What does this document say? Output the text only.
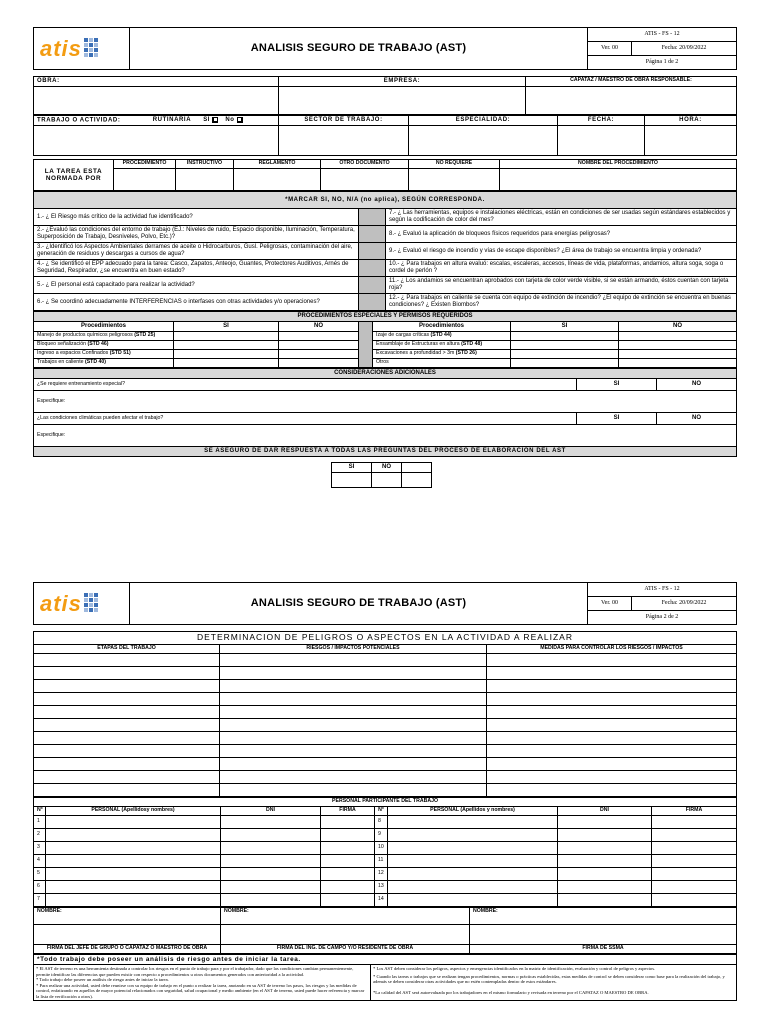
atis	ANALISIS SEGURO DE TRABAJO (AST)	ATIS - FS - 12	
		Ver. 00	Fecha: 20/09/2022
		Página 1 de 2	
OBRA:	EMPRESA:	CAPATAZ / MAESTRO DE OBRA RESPONSABLE:

TRABAJO O ACTIVIDAD: RUTINARIA SI No	SECTOR DE TRABAJO:	ESPECIALIDAD:	FECHA:	HORA:

LA TAREA ESTA NORMADA POR	PROCEDIMIENTO	INSTRUCTIVO	REGLAMENTO	OTRO DOCUMENTO	NO REQUIERE	NOMBRE DEL PROCEDIMIENTO

*MARCAR SI, NO, N/A (no aplica), SEGÚN CORRESPONDA.		
1.- ¿ El Riesgo más crítico de la actividad fue identificado?		7.- ¿ Las herramientas, equipos e instalaciones eléctricas, están en condiciones de ser usadas según estándares establecidos y según la codificación de color del mes?
2.- ¿Evaluó las condiciones del entorno de trabajo (EJ.: Niveles de ruido, Espacio disponible, Iluminación, Temperatura, Superposición de Trabajo, Desniveles, Polvo, Etc.)?		8.- ¿ Evaluó la aplicación de bloqueos físicos requeridos para energías peligrosas?
3.- ¿Identificó los Aspectos Ambientales derrames de aceite o Hidrocarburos, Gusl. Peligrosas, contaminación del aire, generación de residuos y descargas a cursos de agua?		9.- ¿ Evaluó el riesgo de incendio y vías de escape disponibles? ¿El área de trabajo se encuentra limpia y ordenada?
4.- ¿ Se identificó el EPP adecuado para la tarea: Casco, Zapatos, Anteojo, Guantes, Protectores Auditivos, Arnés de Seguridad, Respirador, ¿se encuentra en buen estado?		10.- ¿ Para trabajos en altura evaluó: escalas, escaleras, accesos, líneas de vida, plataformas, andamios, altura soga, soga o cordel de perlón ?
5.- ¿ El personal está capacitado para realizar la actividad?		11.- ¿ Los andamios se encuentran aprobados con tarjeta de color verde visible, si se están armando, éstos cuentan con tarjeta roja?
6.- ¿ Se coordinó adecuadamente INTERFERENCIAS o interfases con otras actividades y/o operaciones?		12.- ¿ Para trabajos en caliente se cuenta con equipo de extinción de incendio? ¿El equipo de extinción se encuentra en buenas condiciones? ¿ Existen Biombos?
PROCEDIMIENTOS ESPECIALES Y PERMISOS REQUERIDOS						
Procedimientos	SI	NO		Procedimientos	SI	NO
Manejo de productos químicos peligrosos (STD 25)				Izaje de cargas críticas (STD 44)		
Bloqueo señalización (STD 46)				Ensamblaje de Estructuras en altura (STD 48)		
Ingreso a espacios Confinados (STD 51)				Excavaciones a profundidad > 3m (STD 26)		
Trabajos en caliente (STD 40)				Otros		
CONSIDERACIONES ADICIONALES		
¿Se requiere entrenamiento especial?	SI	NO
Especifique:		
¿Las condiciones climáticas pueden afectar el trabajo?	SI	NO
Especifique:		
SE ASEGURÓ DE DAR RESPUESTA A TODAS LAS PREGUNTAS DEL PROCESO DE ELABORACIÓN DEL AST		
SI	NO	

atis	ANALISIS SEGURO DE TRABAJO (AST)	ATIS - FS - 12	
		Ver. 00	Fecha: 20/09/2022
		Página 2 de 2	
DETERMINACION DE PELIGROS O ASPECTOS EN LA ACTIVIDAD A REALIZAR		
ETAPAS DEL TRABAJO	RIESGOS / IMPACTOS POTENCIALES	MEDIDAS PARA CONTROLAR LOS RIESGOS / IMPACTOS

PERSONAL PARTICIPANTE DEL TRABAJO							
N°	PERSONAL (Apellidosy nombres)	DNI	FIRMA	N°	PERSONAL (Apellidos y nombres)	DNI	FIRMA
1				8			
2				9			
3				10			
4				11			
5				12			
6				13			
7				14			
NOMBRE:	NOMBRE:	NOMBRE:

FIRMA DEL JEFE DE GRUPO O CAPATAZ O MAESTRO DE OBRA	FIRMA DEL ING. DE CAMPO Y/O RESIDENTE DE OBRA	FIRMA DE SSMA
*Todo trabajo debe poseer un análisis de riesgo antes de iniciar la tarea.

* El AST de terreno es una herramienta destinada a controlar los riesgos en el punto de trabajo para y por el trabajador, dado que las condiciones cambian permanentemente, permite identificar las diferencias que pueden existir con respecto a procedimientos u otros documentos generados con anterioridad a la actividad.
* Todo trabajo debe poseer un análisis de riesgo antes de iniciar la tarea.
* Para realizar una actividad, usted debe reunirse con su equipo de trabajo en el punto a realizar la tarea, anotando en su AST de terreno los pasos, los riesgos y las medidas de control, enfatizando en aquellos de mayor potencial relacionados con seguridad, salud ocupacional y medio ambiente (en el AST de terreno, usted puede hacer referencia y marcar la lista de verificación a otros).

* Los AST deben considerar los peligros, aspectos y emergencias identificados en la matriz de identificación, evaluación y control de peligros y aspectos.
* Cuando las tareas o trabajos que se realizan tengan procedimientos, normas o prácticas establecidas, estas medidas de control se deben considerar como base para la realización del trabajo, y además se deben considerar otras actividades que no estén contempladas dentro de estos estándares.
*La calidad del AST será autoevaluada por los trabajadores en el mismo formulario y revisada en terreno por el CAPATAZ O MAESTRO DE OBRA.
